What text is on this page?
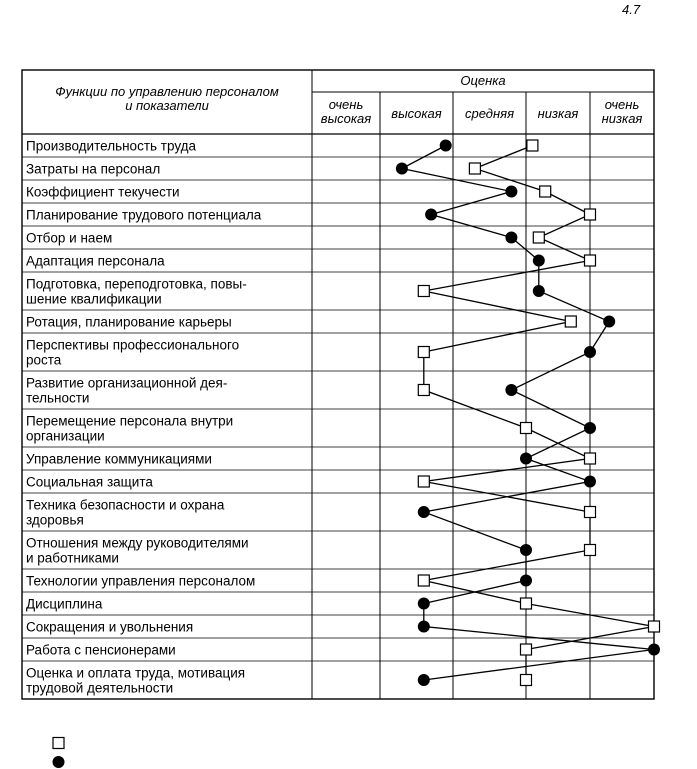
4.7
Функции по управлению персоналом
и показатели
Оценка
очень
высокая высокая средняя низкая
очень
низкая
Производительность труда
Затраты на персонал
Коэффициент текучести
Планирование трудового потенциала
Отбор и наем
Адаптация персонала
Подготовка, переподготовка, повы-
шение квалификации
Ротация, планирование карьеры
Перспективы профессионального
роста
Развитие организационной дея-
тельности
Перемещение персонала внутри
организации
Управление коммуникациями
Социальная защита
Техника безопасности и охрана
здоровья
Отношения между руководителями
и работниками
Технологии управления персоналом
Дисциплина
Сокращения и увольнения
Работа с пенсионерами
Оценка и оплата труда, мотивация
трудовой деятельности
